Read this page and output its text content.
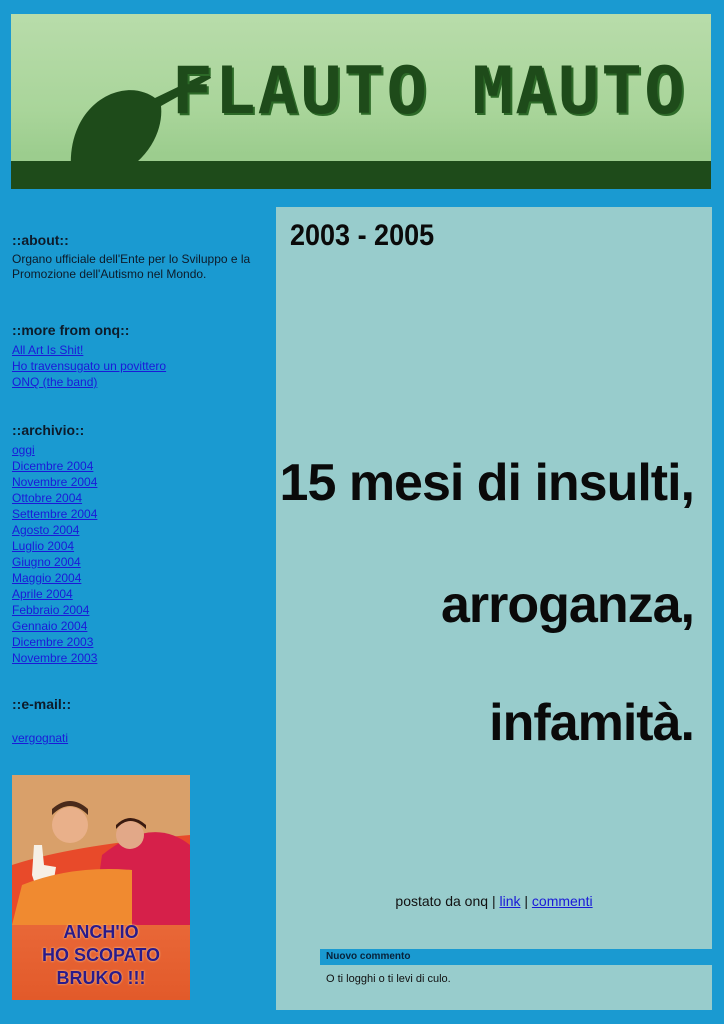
FLAUTO MAUTO
::about::

Organo ufficiale dell'Ente per lo Sviluppo e la Promozione dell'Autismo nel Mondo.

::more from onq::
All Art Is Shit!
Ho travensugato un povittero
ONQ (the band)
::archivio::
oggi
Dicembre 2004
Novembre 2004
Ottobre 2004
Settembre 2004
Agosto 2004
Luglio 2004
Giugno 2004
Maggio 2004
Aprile 2004
Febbraio 2004
Gennaio 2004
Dicembre 2003
Novembre 2003
::e-mail::
vergognati
ANCH'IO
HO SCOPATO
BRUKO !!!
2003 - 2005
15 mesi di insulti,
arroganza,
infamità.
postato da onq | link | commenti
Nuovo commento
O ti logghi o ti levi di culo.
